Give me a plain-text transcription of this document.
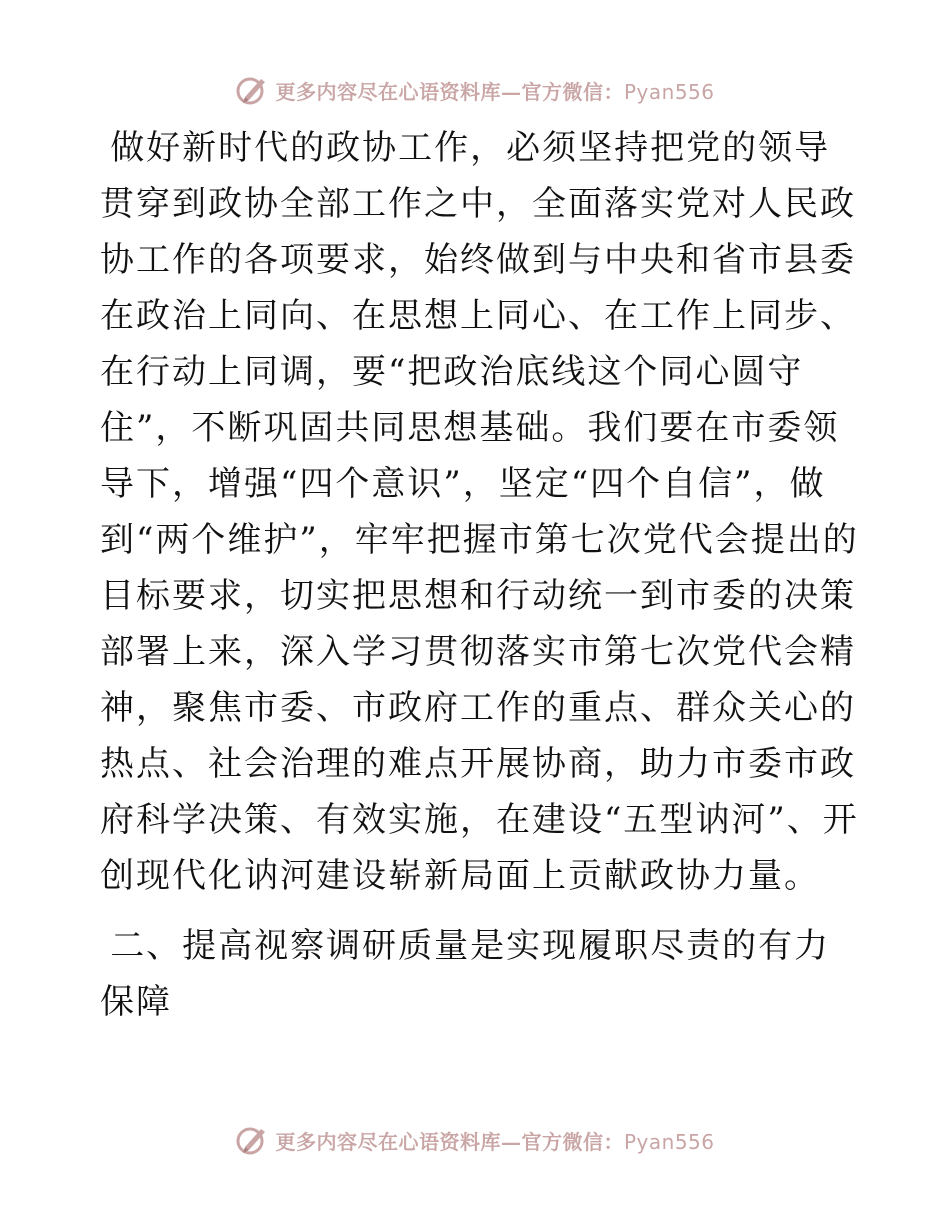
更多内容尽在心语资料库—官方微信：Pyan556

做好新时代的政协工作，必须坚持把党的领导贯穿到政协全部工作之中，全面落实党对人民政协工作的各项要求，始终做到与中央和省市县委在政治上同向、在思想上同心、在工作上同步、在行动上同调，要“把政治底线这个同心圆守住”，不断巩固共同思想基础。我们要在市委领导下，增强“四个意识”，坚定“四个自信”，做到“两个维护”，牢牢把握市第七次党代会提出的目标要求，切实把思想和行动统一到市委的决策部署上来，深入学习贯彻落实市第七次党代会精神，聚焦市委、市政府工作的重点、群众关心的热点、社会治理的难点开展协商，助力市委市政府科学决策、有效实施，在建设“五型讷河”、开创现代化讷河建设崭新局面上贡献政协力量。

二、提高视察调研质量是实现履职尽责的有力保障

更多内容尽在心语资料库—官方微信：Pyan556
